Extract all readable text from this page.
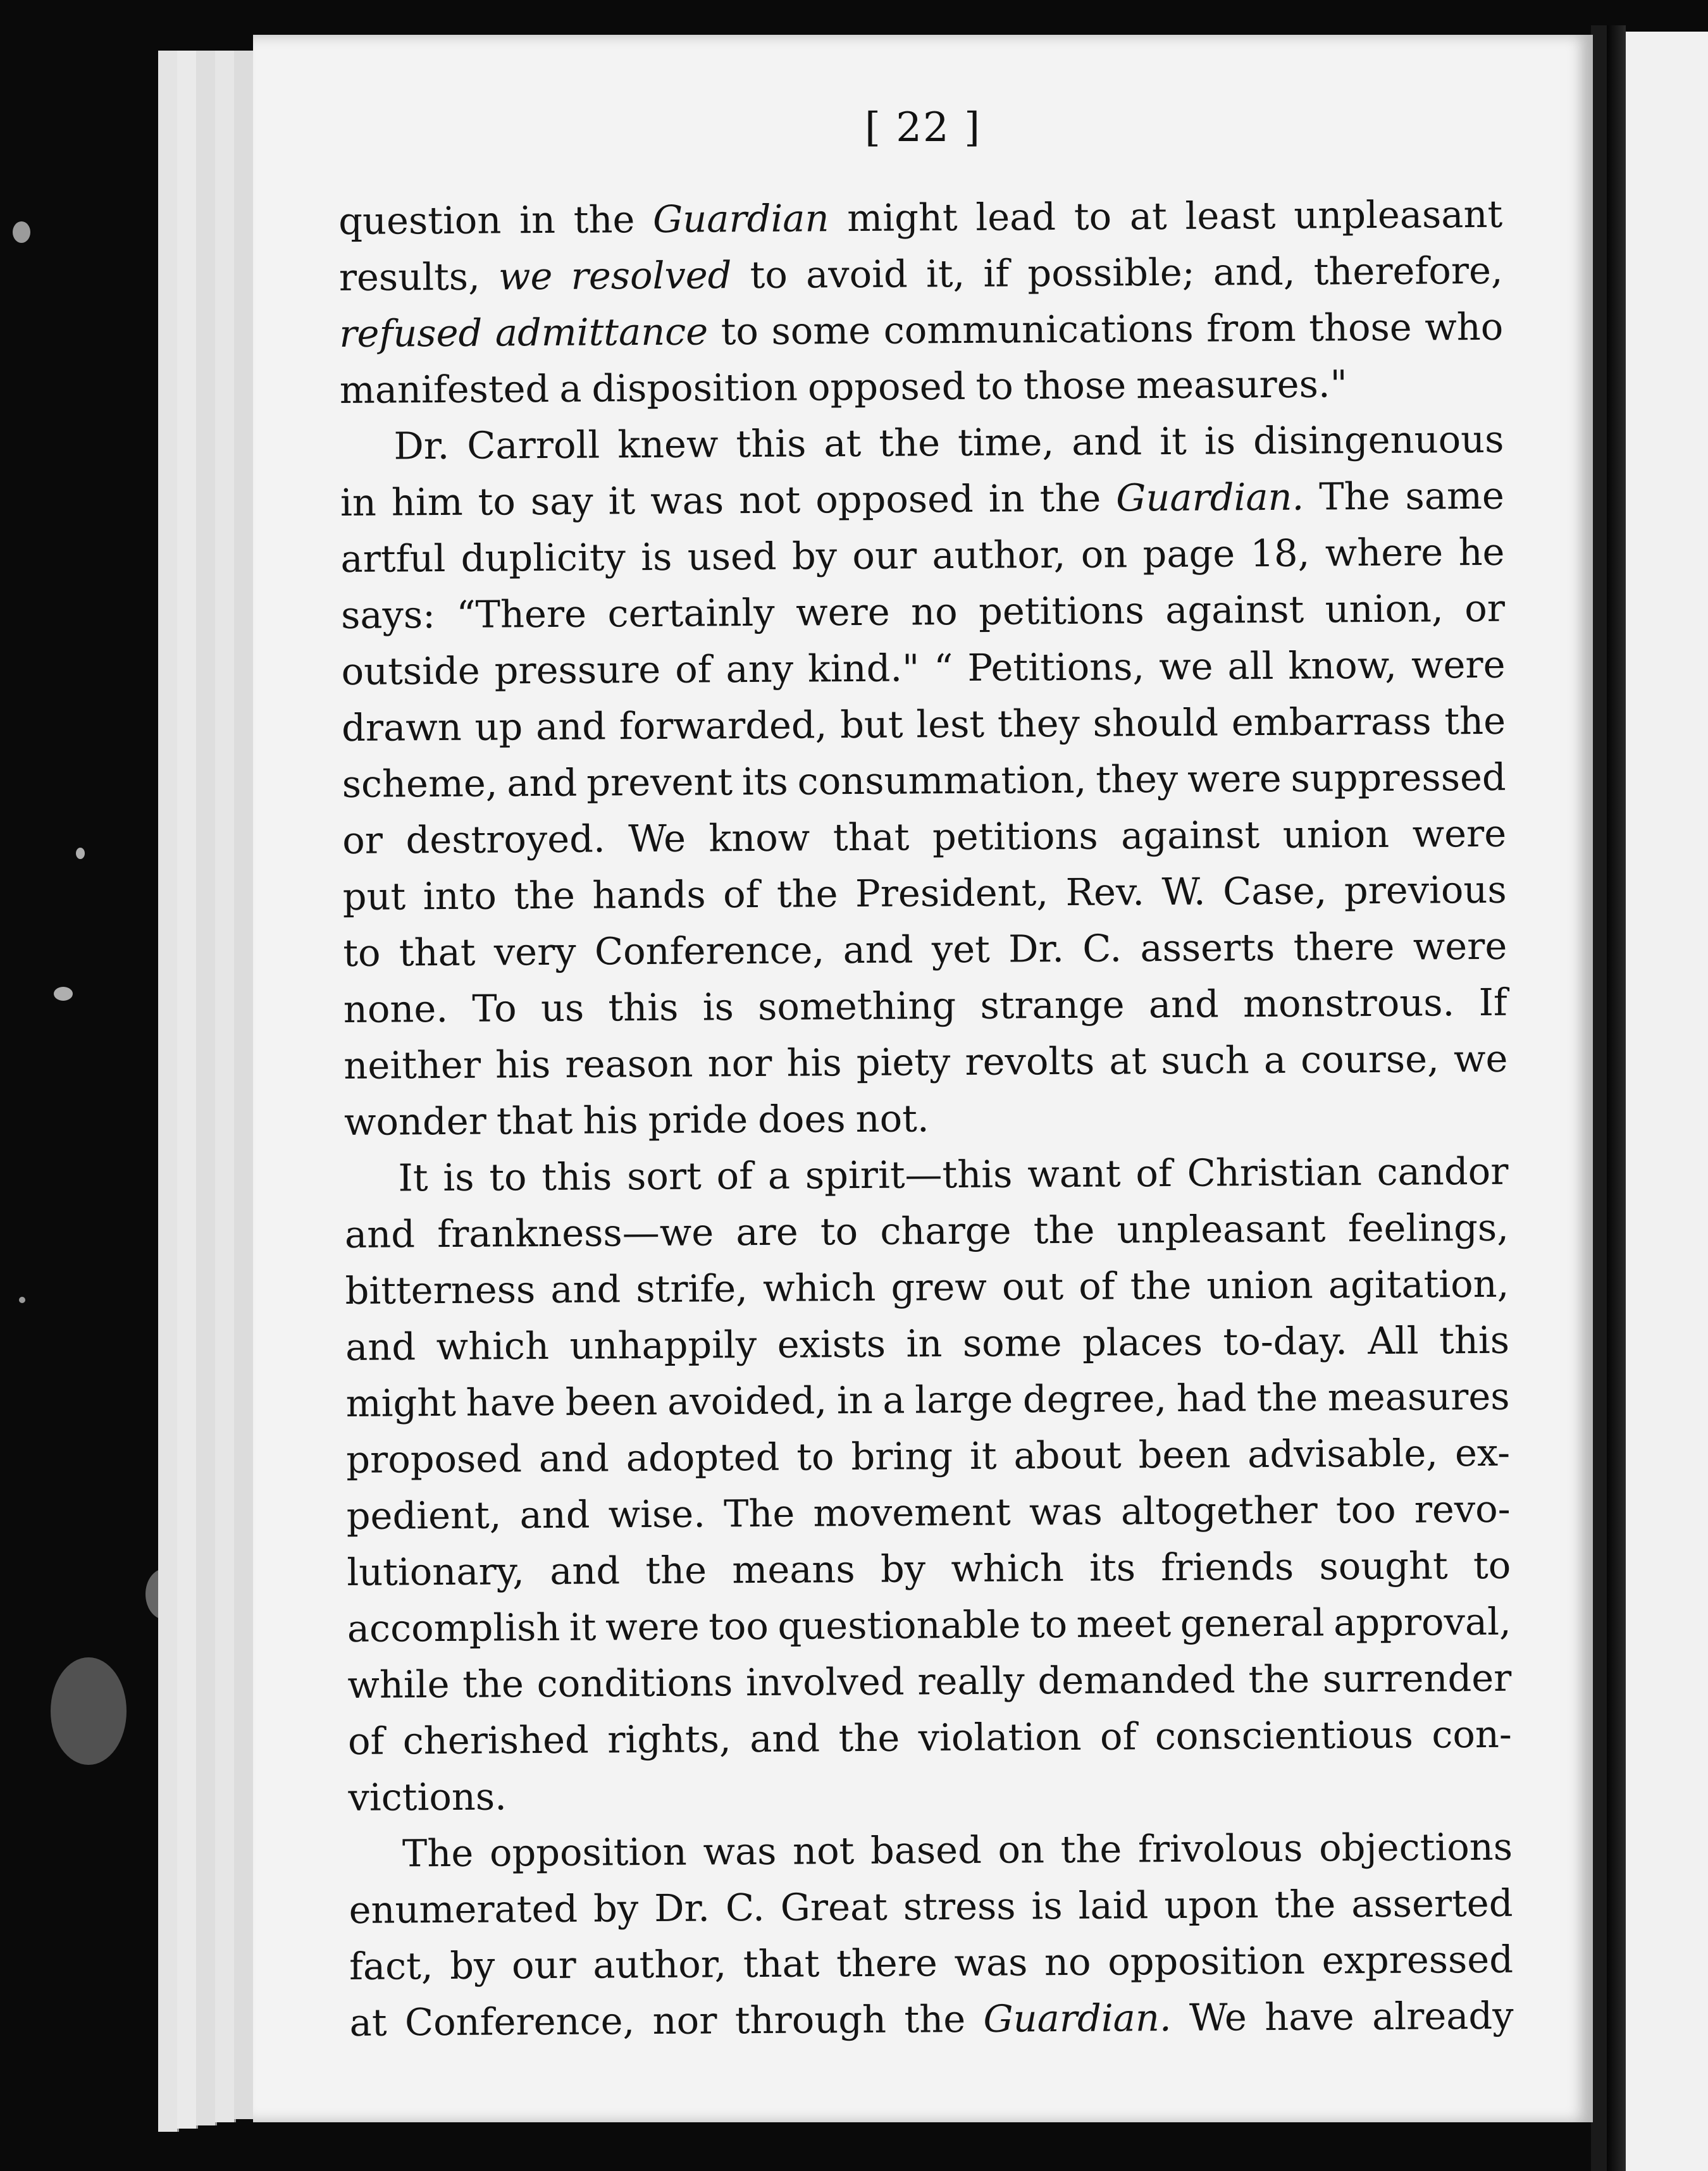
[ 22 ]
question in the Guardian might lead to at least unpleasant
results, we resolved to avoid it, if possible; and, therefore,
refused admittance to some communications from those who
manifested a disposition opposed to those measures."
Dr. Carroll knew this at the time, and it is disingenuous
in him to say it was not opposed in the Guardian. The same
artful duplicity is used by our author, on page 18, where he
says: “There certainly were no petitions against union, or
outside pressure of any kind." “ Petitions, we all know, were
drawn up and forwarded, but lest they should embarrass the
scheme, and prevent its consummation, they were suppressed
or destroyed. We know that petitions against union were
put into the hands of the President, Rev. W. Case, previous
to that very Conference, and yet Dr. C. asserts there were
none. To us this is something strange and monstrous. If
neither his reason nor his piety revolts at such a course, we
wonder that his pride does not.
It is to this sort of a spirit—this want of Christian candor
and frankness—we are to charge the unpleasant feelings,
bitterness and strife, which grew out of the union agitation,
and which unhappily exists in some places to-day. All this
might have been avoided, in a large degree, had the measures
proposed and adopted to bring it about been advisable, ex-
pedient, and wise. The movement was altogether too revo-
lutionary, and the means by which its friends sought to
accomplish it were too questionable to meet general approval,
while the conditions involved really demanded the surrender
of cherished rights, and the violation of conscientious con-
victions.
The opposition was not based on the frivolous objections
enumerated by Dr. C. Great stress is laid upon the asserted
fact, by our author, that there was no opposition expressed
at Conference, nor through the Guardian. We have already
